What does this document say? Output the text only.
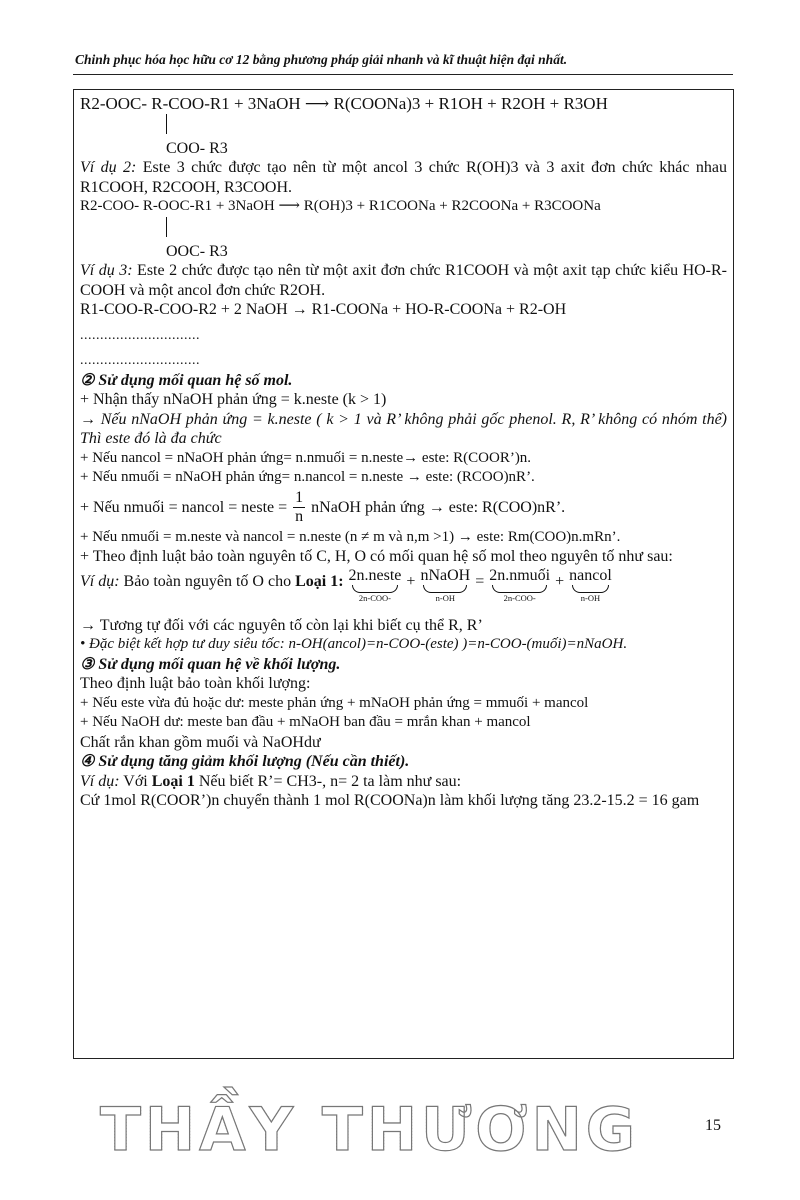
Chinh phục hóa học hữu cơ 12 bằng phương pháp giải nhanh và kĩ thuật hiện đại nhất.

R2-OOC- R-COO-R1 + 3NaOH ⟶ R(COONa)3 + R1OH + R2OH + R3OH

COO- R3

Ví dụ 2: Este 3 chức được tạo nên từ một ancol 3 chức R(OH)3 và 3 axit đơn chức khác nhau R1COOH, R2COOH, R3COOH.

R2-COO- R-OOC-R1 + 3NaOH ⟶ R(OH)3 + R1COONa + R2COONa + R3COONa

OOC- R3

Ví dụ 3: Este 2 chức được tạo nên từ một axit đơn chức R1COOH và một axit tạp chức kiểu HO-R-COOH và một ancol đơn chức R2OH.

R1-COO-R-COO-R2 + 2 NaOH → R1-COONa + HO-R-COONa + R2-OH

..............................

..............................

② Sử dụng mối quan hệ số mol.

+ Nhận thấy nNaOH phản ứng = k.neste (k > 1)

→ Nếu nNaOH phản ứng = k.neste ( k > 1 và R’ không phải gốc phenol. R, R’ không có nhóm thế) Thì este đó là đa chức

+ Nếu nancol = nNaOH phản ứng= n.nmuối = n.neste→ este: R(COOR’)n.

+ Nếu nmuối = nNaOH phản ứng= n.nancol = n.neste → este: (RCOO)nR’.

+ Nếu nmuối = nancol = neste = $\frac{1}{n}$ nNaOH phản ứng → este: R(COO)nR’.

+ Nếu nmuối = m.neste và nancol = n.neste (n ≠ m và n,m >1) → este: Rm(COO)n.mRn’.

+ Theo định luật bảo toàn nguyên tố C, H, O có mối quan hệ số mol theo nguyên tố như sau:

Ví dụ: Bảo toàn nguyên tố O cho Loại 1: 2n.neste
2n-COO-
+ nNaOH
n-OH
= 2n.nmuối
2n-COO-
+ nancol
n-OH

→ Tương tự đối với các nguyên tố còn lại khi biết cụ thể R, R’

• Đặc biệt kết hợp tư duy siêu tốc: n-OH(ancol)=n-COO-(este) )=n-COO-(muối)=nNaOH.

③ Sử dụng mối quan hệ về khối lượng.

Theo định luật bảo toàn khối lượng:

+ Nếu este vừa đủ hoặc dư: meste phản ứng + mNaOH phản ứng = mmuối + mancol

+ Nếu NaOH dư: meste ban đầu + mNaOH ban đầu = mrắn khan + mancol

Chất rắn khan gồm muối và NaOHdư

④ Sử dụng tăng giảm khối lượng (Nếu cần thiết).

Ví dụ: Với Loại 1 Nếu biết R’= CH3-, n= 2 ta làm như sau:

Cứ 1mol R(COOR’)n chuyển thành 1 mol R(COONa)n làm khối lượng tăng 23.2-15.2 = 16 gam

THẦY THƯƠNG	15
